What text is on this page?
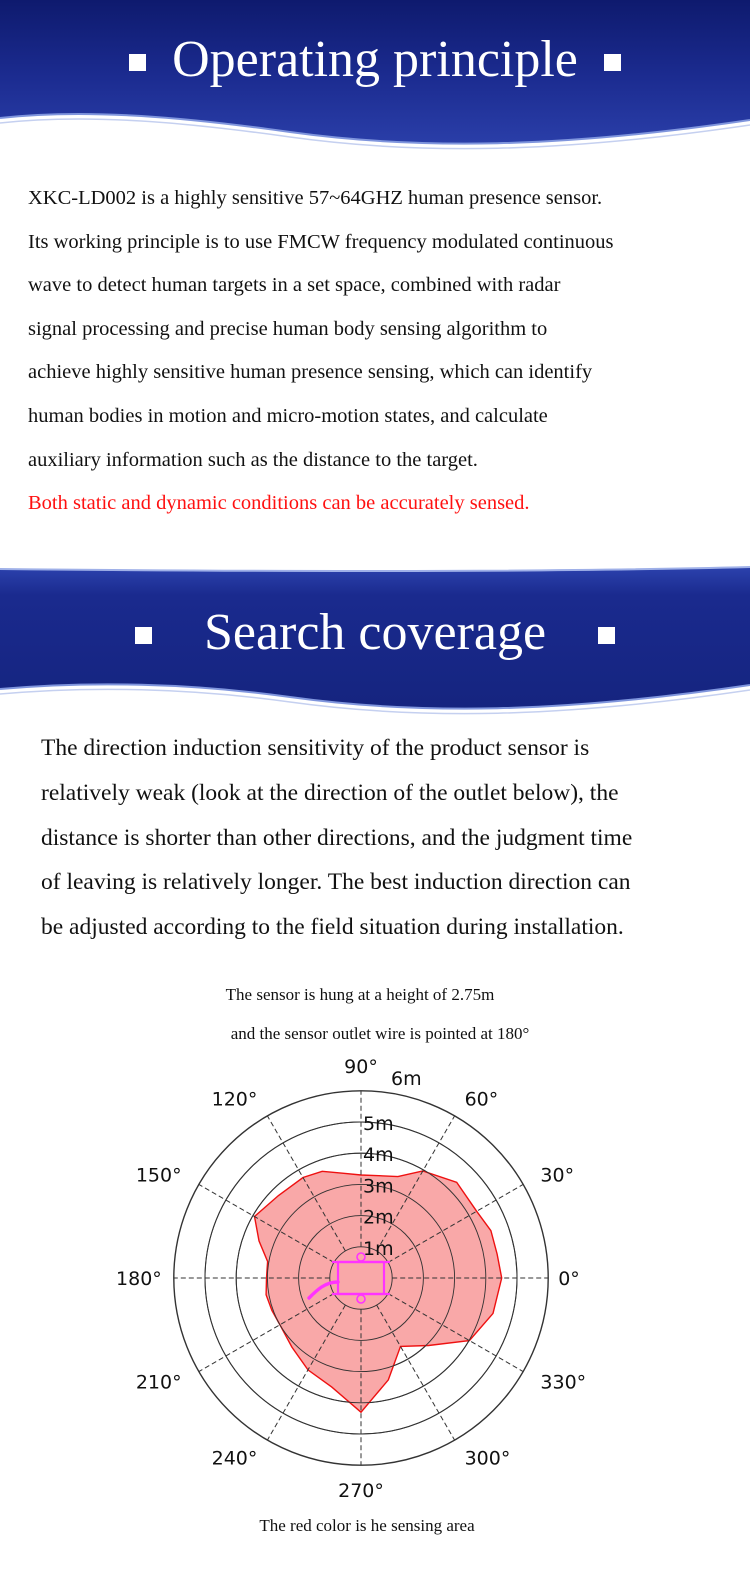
Operating principle
XKC-LD002 is a highly sensitive 57~64GHZ human presence sensor.
Its working principle is to use FMCW frequency modulated continuous
wave to detect human targets in a set space, combined with radar
signal processing and precise human body sensing algorithm to
achieve highly sensitive human presence sensing, which can identify
human bodies in motion and micro-motion states, and calculate
auxiliary information such as the distance to the target.
Both static and dynamic conditions can be accurately sensed.
Search coverage
The direction induction sensitivity of the product sensor is
relatively weak (look at the direction of the outlet below), the
distance is shorter than other directions, and the judgment time
of leaving is relatively longer. The best induction direction can
be adjusted according to the field situation during installation.
The sensor is hung at a height of 2.75m
and the sensor outlet wire is pointed at 180°
0°
30°
60°
90°
120°
150°
180°
210°
240°
270°
300°
330°
1m
2m
3m
4m
5m
6m
The red color is he sensing area
